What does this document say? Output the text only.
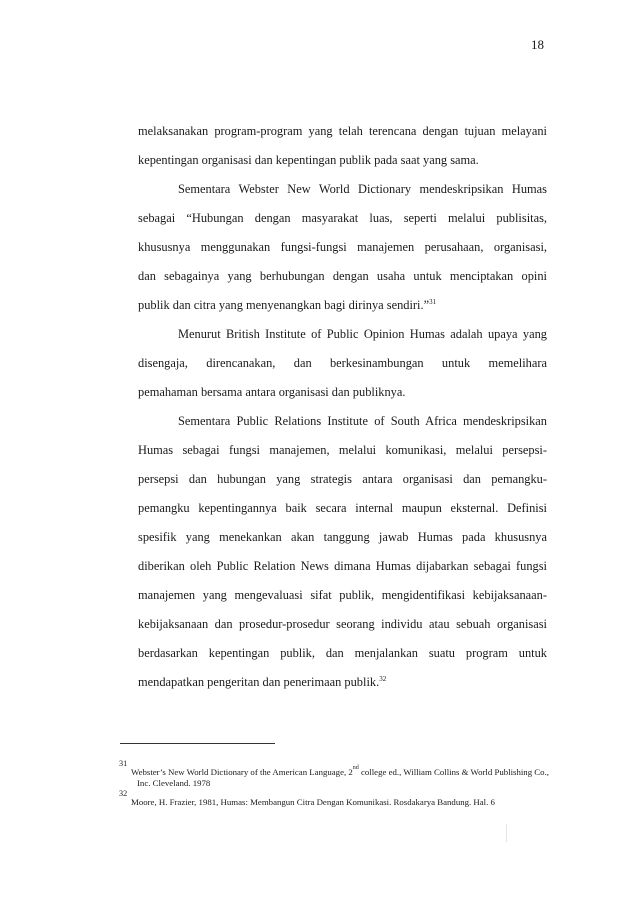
18
melaksanakan program-program yang telah terencana dengan tujuan melayani
kepentingan organisasi dan kepentingan publik pada saat yang sama.
Sementara Webster New World Dictionary mendeskripsikan Humas
sebagai “Hubungan dengan masyarakat luas, seperti melalui publisitas,
khususnya menggunakan fungsi-fungsi manajemen perusahaan, organisasi,
dan sebagainya yang berhubungan dengan usaha untuk menciptakan opini
publik dan citra yang menyenangkan bagi dirinya sendiri.”$^{31}$
Menurut British Institute of Public Opinion Humas adalah upaya yang
disengaja, direncanakan, dan berkesinambungan untuk memelihara
pemahaman bersama antara organisasi dan publiknya.
Sementara Public Relations Institute of South Africa mendeskripsikan
Humas sebagai fungsi manajemen, melalui komunikasi, melalui persepsi-
persepsi dan hubungan yang strategis antara organisasi dan pemangku-
pemangku kepentingannya baik secara internal maupun eksternal. Definisi
spesifik yang menekankan akan tanggung jawab Humas pada khususnya
diberikan oleh Public Relation News dimana Humas dijabarkan sebagai fungsi
manajemen yang mengevaluasi sifat publik, mengidentifikasi kebijaksanaan-
kebijaksanaan dan prosedur-prosedur seorang individu atau sebuah organisasi
berdasarkan kepentingan publik, dan menjalankan suatu program untuk
mendapatkan pengeritan dan penerimaan publik.$^{32}$
31
Webster’s New World Dictionary of the American Language, 2nd college ed., William Collins & World Publishing Co.,
Inc. Cleveland. 1978
32
Moore, H. Frazier, 1981, Humas: Membangun Citra Dengan Komunikasi. Rosdakarya Bandung. Hal. 6
